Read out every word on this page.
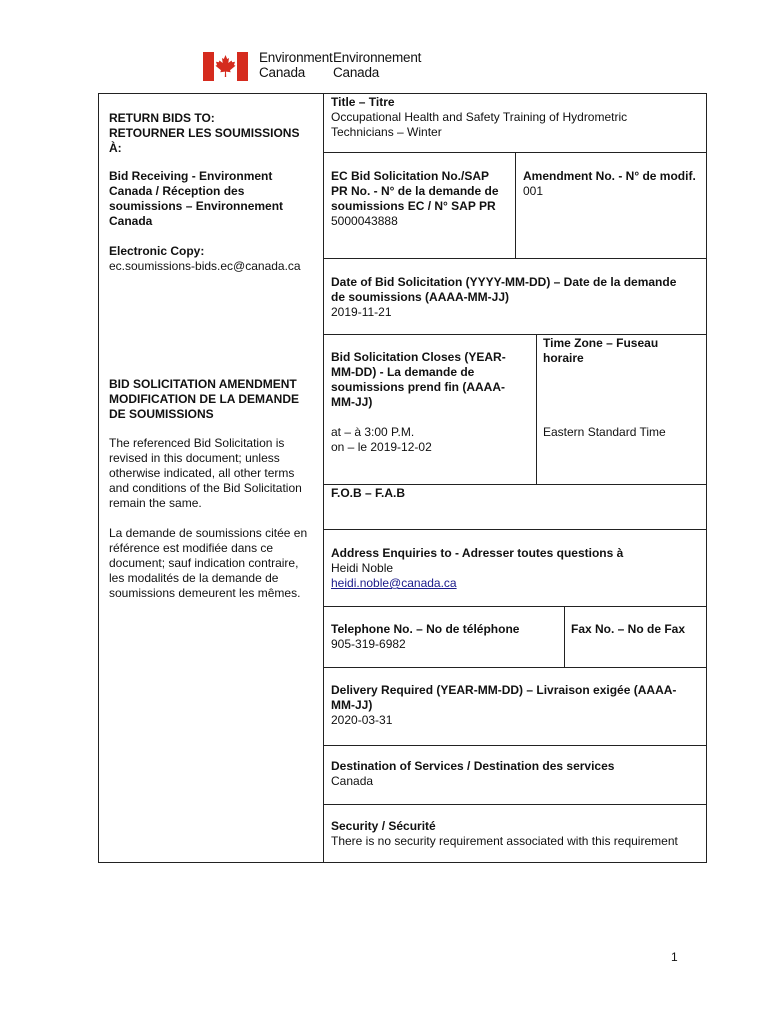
Environment
Canada
Environnement
Canada
RETURN BIDS TO:
RETOURNER LES SOUMISSIONS
À:
Bid Receiving - Environment
Canada / Réception des
soumissions – Environnement
Canada
Electronic Copy:
ec.soumissions-bids.ec@canada.ca
BID SOLICITATION AMENDMENT
MODIFICATION DE LA DEMANDE
DE SOUMISSIONS
The referenced Bid Solicitation is
revised in this document; unless
otherwise indicated, all other terms
and conditions of the Bid Solicitation
remain the same.
La demande de soumissions citée en
référence est modifiée dans ce
document; sauf indication contraire,
les modalités de la demande de
soumissions demeurent les mêmes.
Title – Titre
Occupational Health and Safety Training of Hydrometric
Technicians – Winter
EC Bid Solicitation No./SAP
PR No. - N° de la demande de
soumissions EC / N° SAP PR
5000043888
Amendment No. - N° de modif.
001
Date of Bid Solicitation (YYYY-MM-DD) – Date de la demande
de soumissions (AAAA-MM-JJ)
2019-11-21
Bid Solicitation Closes (YEAR-
MM-DD) - La demande de
soumissions prend fin (AAAA-
MM-JJ)
at – à 3:00 P.M.
on – le 2019-12-02
Time Zone – Fuseau
horaire
Eastern Standard Time
F.O.B – F.A.B
Address Enquiries to - Adresser toutes questions à
Heidi Noble
heidi.noble@canada.ca
Telephone No. – No de téléphone
905-319-6982
Fax No. – No de Fax
Delivery Required (YEAR-MM-DD) – Livraison exigée (AAAA-
MM-JJ)
2020-03-31
Destination of Services / Destination des services
Canada
Security / Sécurité
There is no security requirement associated with this requirement
1
